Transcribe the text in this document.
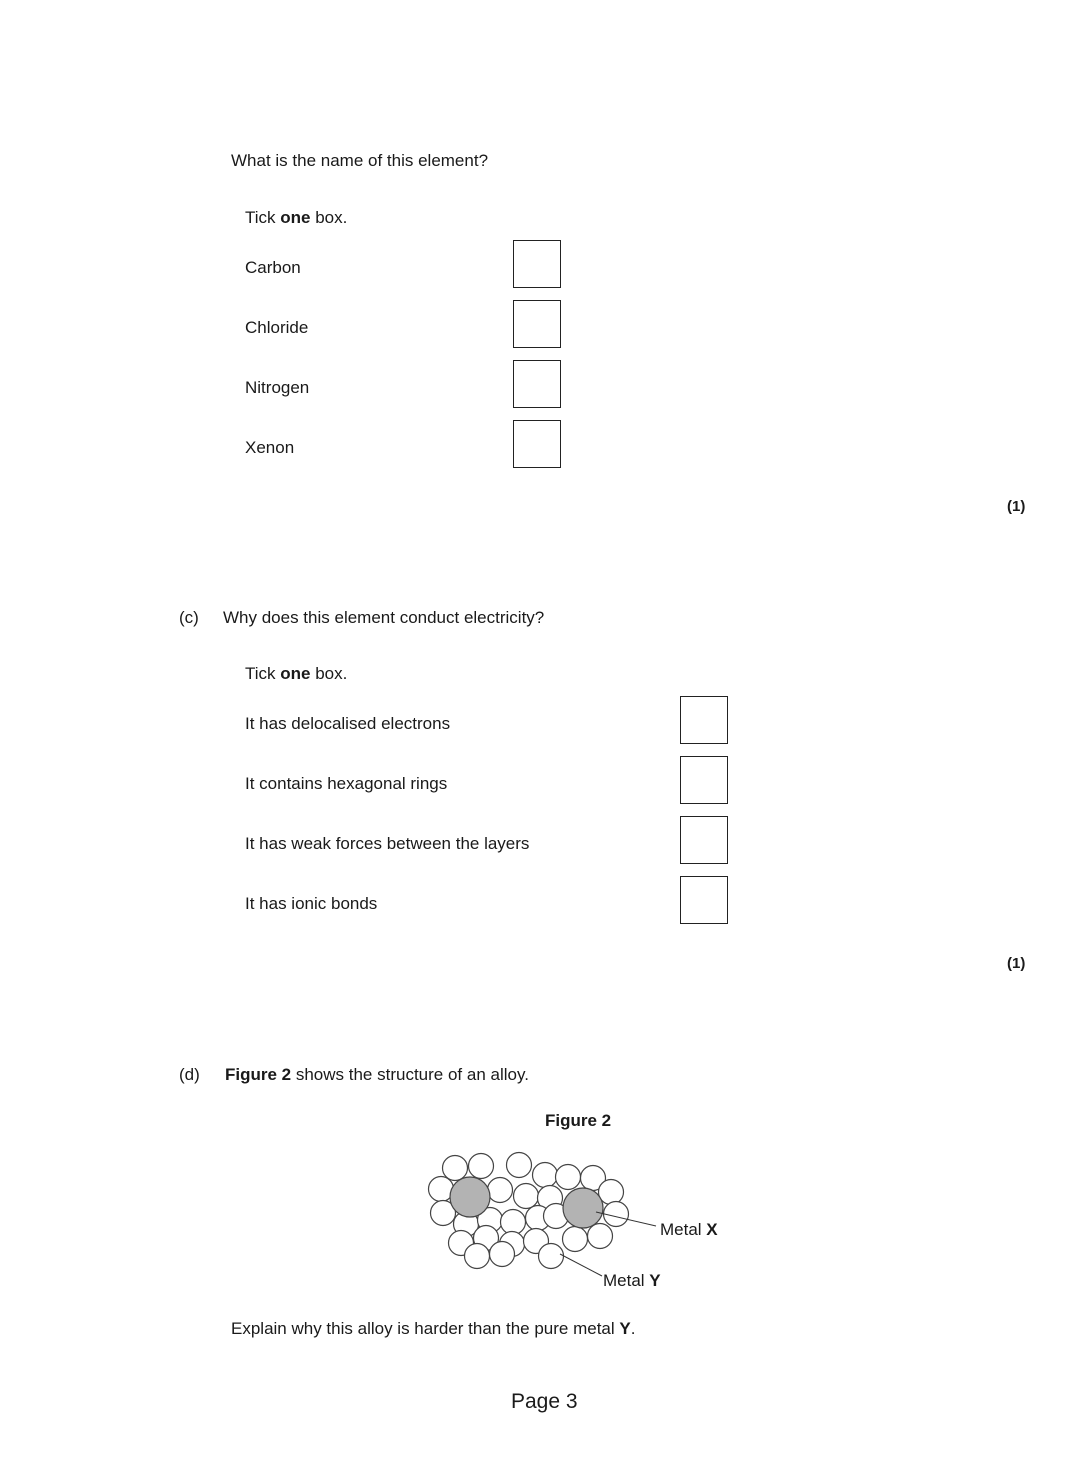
What is the name of this element?
Tick one box.
Carbon
Chloride
Nitrogen
Xenon
(1)
(c) Why does this element conduct electricity?
Tick one box.
It has delocalised electrons
It contains hexagonal rings
It has weak forces between the layers
It has ionic bonds
(1)
(d) Figure 2 shows the structure of an alloy.
Figure 2
Metal X
Metal Y
Explain why this alloy is harder than the pure metal Y.
Page 3
